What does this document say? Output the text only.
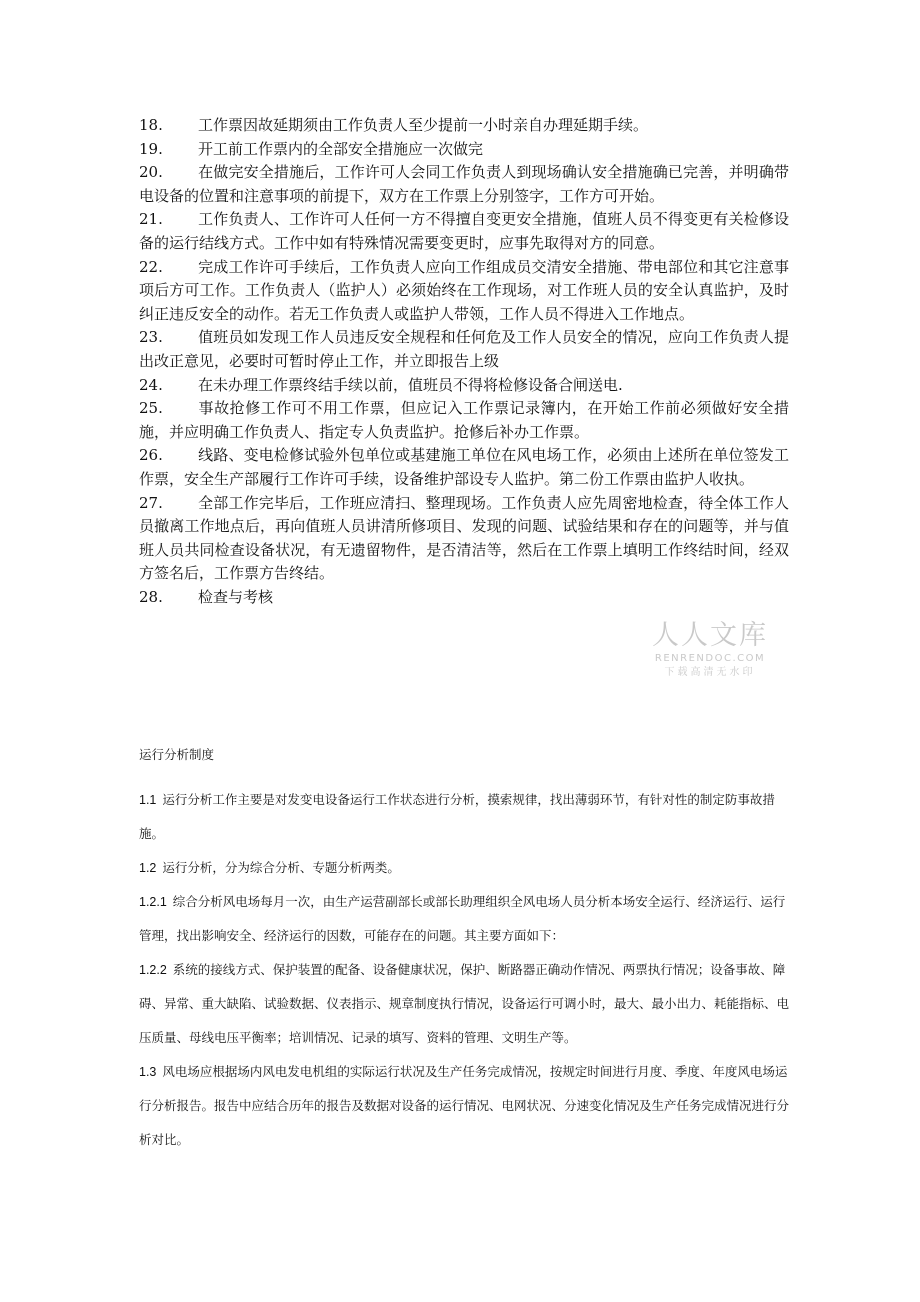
18. 工作票因故延期须由工作负责人至少提前一小时亲自办理延期手续。

19. 开工前工作票内的全部安全措施应一次做完

20. 在做完安全措施后，工作许可人会同工作负责人到现场确认安全措施确已完善，并明确带电设备的位置和注意事项的前提下，双方在工作票上分别签字，工作方可开始。

21. 工作负责人、工作许可人任何一方不得擅自变更安全措施，值班人员不得变更有关检修设备的运行结线方式。工作中如有特殊情况需要变更时，应事先取得对方的同意。

22. 完成工作许可手续后，工作负责人应向工作组成员交清安全措施、带电部位和其它注意事项后方可工作。工作负责人（监护人）必须始终在工作现场，对工作班人员的安全认真监护，及时纠正违反安全的动作。若无工作负责人或监护人带领，工作人员不得进入工作地点。

23. 值班员如发现工作人员违反安全规程和任何危及工作人员安全的情况，应向工作负责人提出改正意见，必要时可暂时停止工作，并立即报告上级

24. 在未办理工作票终结手续以前，值班员不得将检修设备合闸送电.

25. 事故抢修工作可不用工作票，但应记入工作票记录簿内，在开始工作前必须做好安全措施，并应明确工作负责人、指定专人负责监护。抢修后补办工作票。

26. 线路、变电检修试验外包单位或基建施工单位在风电场工作，必须由上述所在单位签发工作票，安全生产部履行工作许可手续，设备维护部设专人监护。第二份工作票由监护人收执。

27. 全部工作完毕后，工作班应清扫、整理现场。工作负责人应先周密地检查，待全体工作人员撤离工作地点后，再向值班人员讲清所修项目、发现的问题、试验结果和存在的问题等，并与值班人员共同检查设备状况，有无遗留物件，是否清洁等，然后在工作票上填明工作终结时间，经双方签名后，工作票方告终结。

28. 检查与考核

人人文库
RENRENDOC.COM
下载高清无水印

运行分析制度

1.1 运行分析工作主要是对发变电设备运行工作状态进行分析，摸索规律，找出薄弱环节，有针对性的制定防事故措施。

1.2 运行分析，分为综合分析、专题分析两类。

1.2.1 综合分析风电场每月一次，由生产运营副部长或部长助理组织全风电场人员分析本场安全运行、经济运行、运行管理，找出影响安全、经济运行的因数，可能存在的问题。其主要方面如下：

1.2.2 系统的接线方式、保护装置的配备、设备健康状况，保护、断路器正确动作情况、两票执行情况；设备事故、障碍、异常、重大缺陷、试验数据、仪表指示、规章制度执行情况，设备运行可调小时，最大、最小出力、耗能指标、电压质量、母线电压平衡率；培训情况、记录的填写、资料的管理、文明生产等。

1.3 风电场应根据场内风电发电机组的实际运行状况及生产任务完成情况，按规定时间进行月度、季度、年度风电场运行分析报告。报告中应结合历年的报告及数据对设备的运行情况、电网状况、分速变化情况及生产任务完成情况进行分析对比。
